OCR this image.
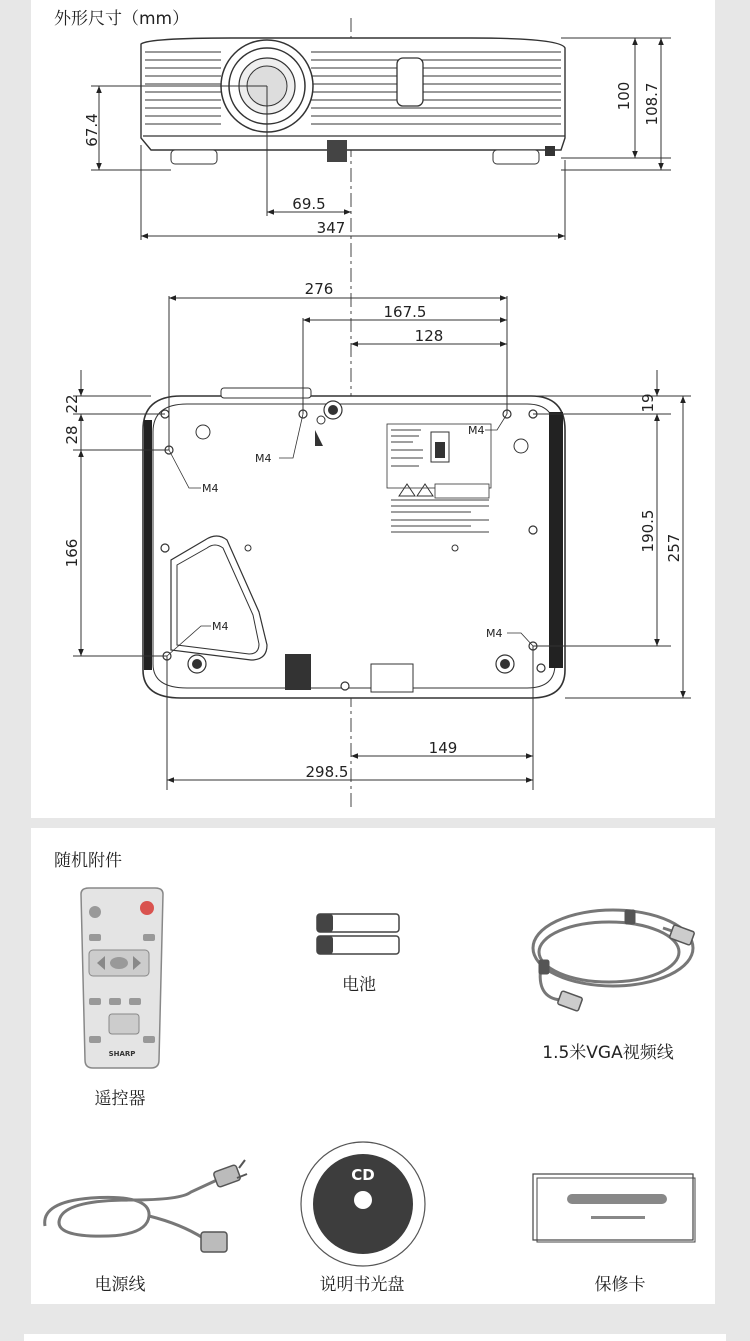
外形尺寸（mm）
69.5
347
67.4
100 108.7
M4
M4
M4
M4
M4
276
167.5
128
149
298.5
22
28
166
19
190.5 257
随机附件
SHARP
CD
遥控器
电池
1.5米VGA视频线
电源线	说明书光盘	保修卡
